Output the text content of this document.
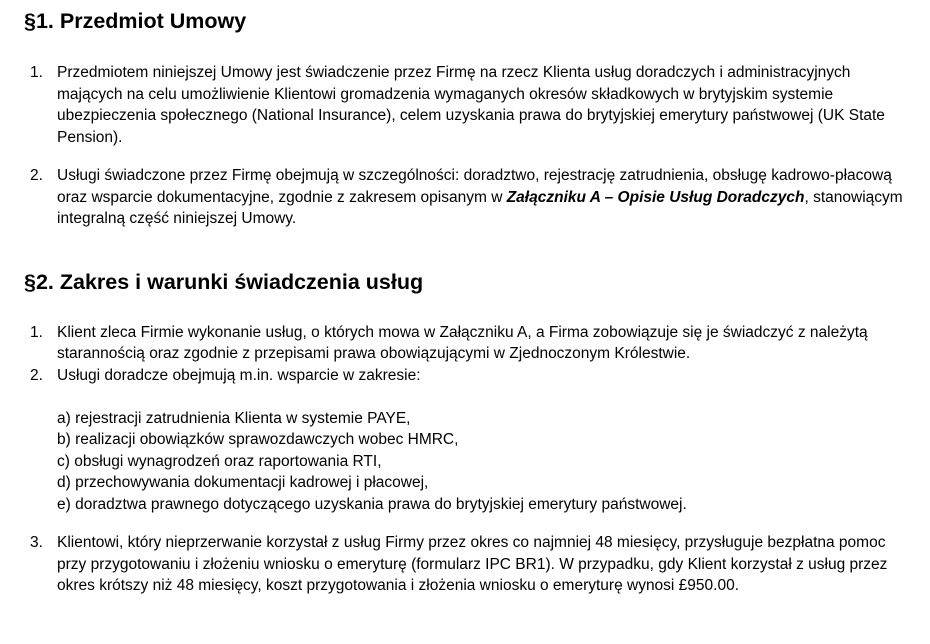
§1. Przedmiot Umowy
1. Przedmiotem niniejszej Umowy jest świadczenie przez Firmę na rzecz Klienta usług doradczych i administracyjnych mających na celu umożliwienie Klientowi gromadzenia wymaganych okresów składkowych w brytyjskim systemie ubezpieczenia społecznego (National Insurance), celem uzyskania prawa do brytyjskiej emerytury państwowej (UK State Pension).
2. Usługi świadczone przez Firmę obejmują w szczególności: doradztwo, rejestrację zatrudnienia, obsługę kadrowo-płacową oraz wsparcie dokumentacyjne, zgodnie z zakresem opisanym w Załączniku A – Opisie Usług Doradczych, stanowiącym integralną część niniejszej Umowy.
§2. Zakres i warunki świadczenia usług
1. Klient zleca Firmie wykonanie usług, o których mowa w Załączniku A, a Firma zobowiązuje się je świadczyć z należytą starannością oraz zgodnie z przepisami prawa obowiązującymi w Zjednoczonym Królestwie.
2. Usługi doradcze obejmują m.in. wsparcie w zakresie:
a) rejestracji zatrudnienia Klienta w systemie PAYE,
b) realizacji obowiązków sprawozdawczych wobec HMRC,
c) obsługi wynagrodzeń oraz raportowania RTI,
d) przechowywania dokumentacji kadrowej i płacowej,
e) doradztwa prawnego dotyczącego uzyskania prawa do brytyjskiej emerytury państwowej.
3. Klientowi, który nieprzerwanie korzystał z usług Firmy przez okres co najmniej 48 miesięcy, przysługuje bezpłatna pomoc przy przygotowaniu i złożeniu wniosku o emeryturę (formularz IPC BR1). W przypadku, gdy Klient korzystał z usług przez okres krótszy niż 48 miesięcy, koszt przygotowania i złożenia wniosku o emeryturę wynosi £950.00.
